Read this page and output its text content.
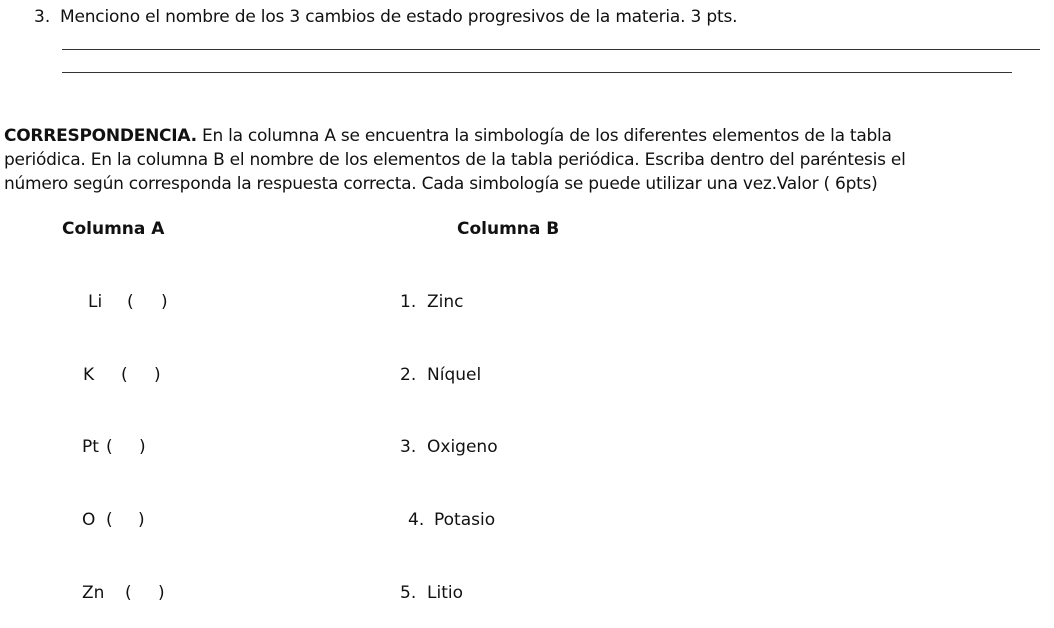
3. Menciono el nombre de los 3 cambios de estado progresivos de la materia. 3 pts.
CORRESPONDENCIA. En la columna A se encuentra la simbología de los diferentes elementos de la tabla
periódica. En la columna B el nombre de los elementos de la tabla periódica. Escriba dentro del paréntesis el
número según corresponda la respuesta correcta. Cada simbología se puede utilizar una vez.Valor ( 6pts)
Columna A	Columna B
Li ( )
K ( )
Pt ( )
O ( )
Zn ( )
1. Zinc
2. Níquel
3. Oxigeno
4. Potasio
5. Litio
